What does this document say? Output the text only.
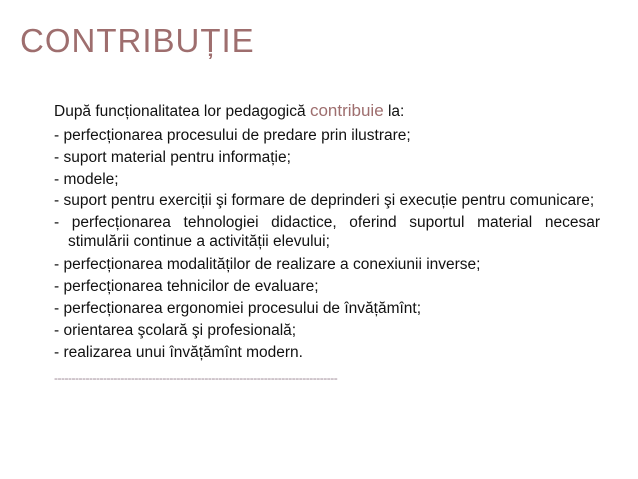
CONTRIBUȚIE

După funcționalitatea lor pedagogică contribuie la:

- perfecționarea procesului de predare prin ilustrare;
- suport material pentru informație;
- modele;
- suport pentru exerciții şi formare de deprinderi şi execuție pentru comunicare;
- perfecționarea tehnologiei didactice, oferind suportul material necesar stimulării continue a activității elevului;
- perfecționarea modalităților de realizare a conexiunii inverse;
- perfecționarea tehnicilor de evaluare;
- perfecționarea ergonomiei procesului de învățămînt;
- orientarea şcolară şi profesională;
- realizarea unui învățămînt modern.
---------------------------------------------------------------------------------
